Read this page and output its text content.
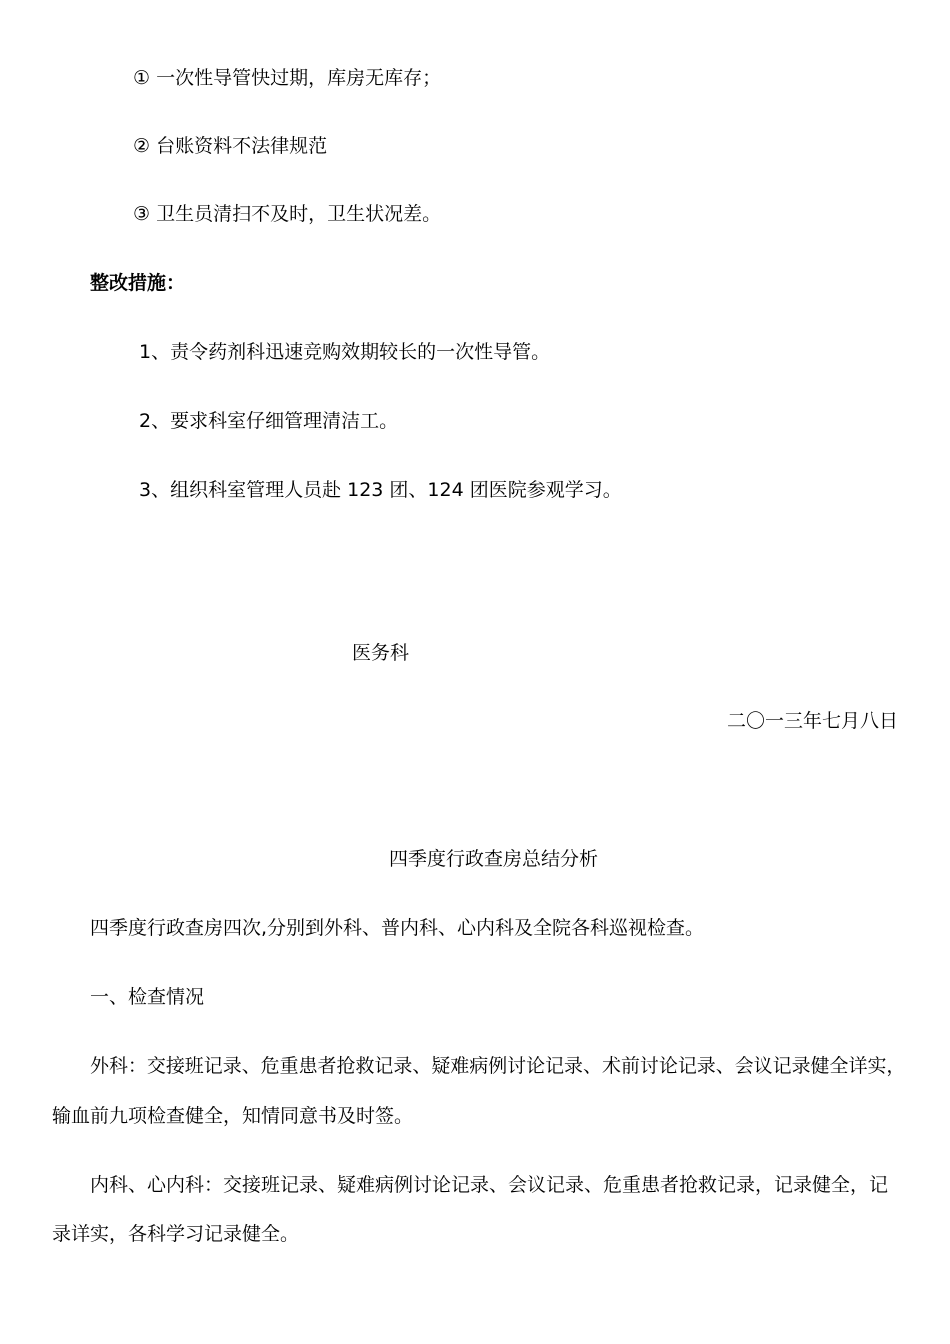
① 一次性导管快过期，库房无库存；
② 台账资料不法律规范
③ 卫生员清扫不及时，卫生状况差。
整改措施：
1、责令药剂科迅速竞购效期较长的一次性导管。
2、要求科室仔细管理清洁工。
3、组织科室管理人员赴 123 团、124 团医院参观学习。
医务科
二〇一三年七月八日
四季度行政查房总结分析
四季度行政查房四次,分别到外科、普内科、心内科及全院各科巡视检查。
一、检查情况
外科：交接班记录、危重患者抢救记录、疑难病例讨论记录、术前讨论记录、会议记录健全详实，
输血前九项检查健全，知情同意书及时签。
内科、心内科：交接班记录、疑难病例讨论记录、会议记录、危重患者抢救记录，记录健全，记
录详实，各科学习记录健全。
